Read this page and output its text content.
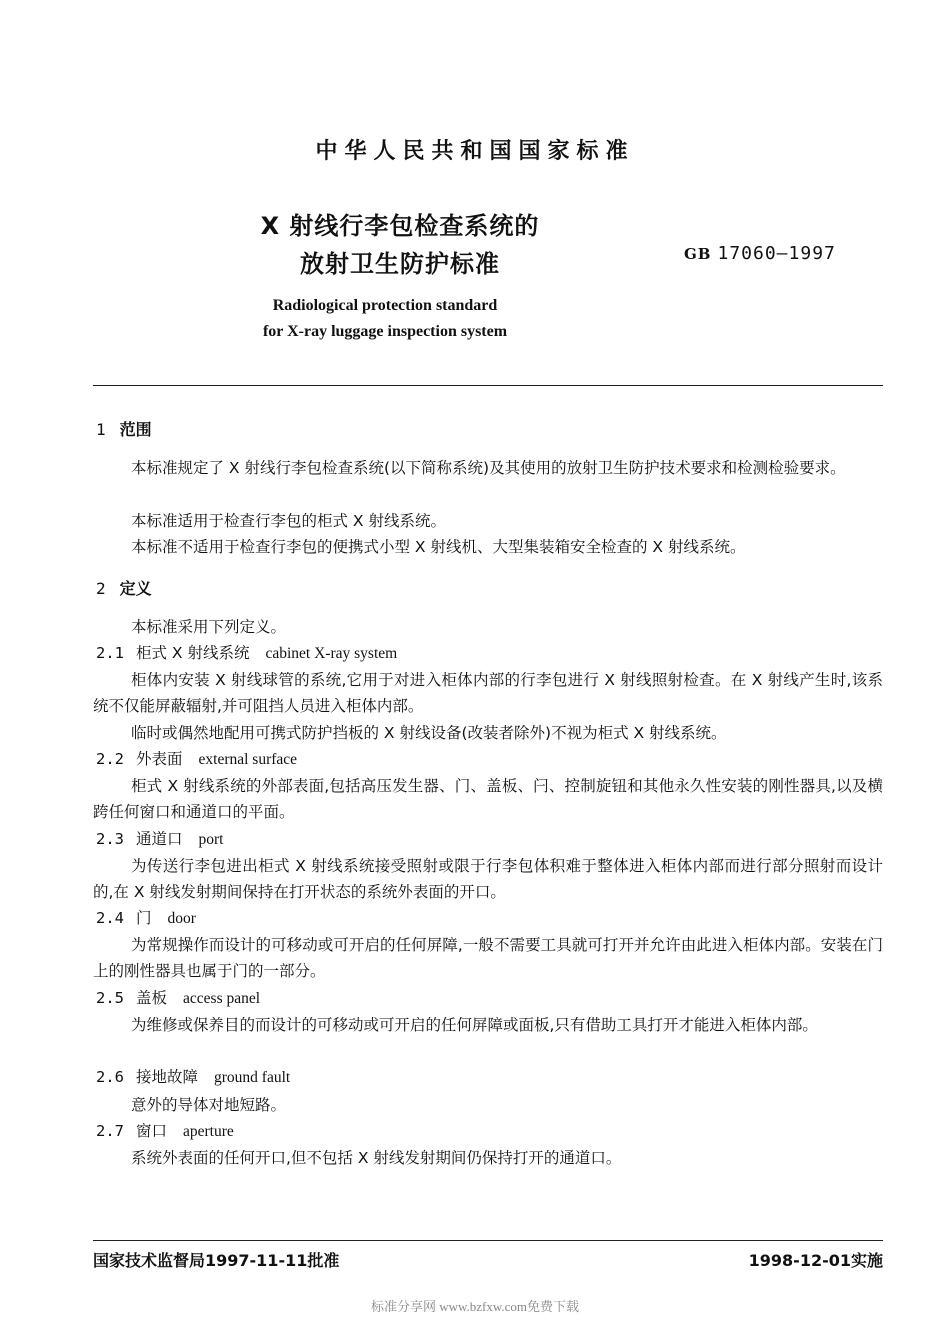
中华人民共和国国家标准
X 射线行李包检查系统的
放射卫生防护标准	GB 17060—1997
Radiological protection standard
for X-ray luggage inspection system
1 范围
本标准规定了 X 射线行李包检查系统(以下简称系统)及其使用的放射卫生防护技术要求和检测检验要求。
本标准适用于检查行李包的柜式 X 射线系统。
本标准不适用于检查行李包的便携式小型 X 射线机、大型集装箱安全检查的 X 射线系统。
2 定义
本标准采用下列定义。
2.1 柜式 X 射线系统 cabinet X-ray system
柜体内安装 X 射线球管的系统,它用于对进入柜体内部的行李包进行 X 射线照射检查。在 X 射线产生时,该系统不仅能屏蔽辐射,并可阻挡人员进入柜体内部。
临时或偶然地配用可携式防护挡板的 X 射线设备(改装者除外)不视为柜式 X 射线系统。
2.2 外表面 external surface
柜式 X 射线系统的外部表面,包括高压发生器、门、盖板、闩、控制旋钮和其他永久性安装的刚性器具,以及横跨任何窗口和通道口的平面。
2.3 通道口 port
为传送行李包进出柜式 X 射线系统接受照射或限于行李包体积难于整体进入柜体内部而进行部分照射而设计的,在 X 射线发射期间保持在打开状态的系统外表面的开口。
2.4 门 door
为常规操作而设计的可移动或可开启的任何屏障,一般不需要工具就可打开并允许由此进入柜体内部。安装在门上的刚性器具也属于门的一部分。
2.5 盖板 access panel
为维修或保养目的而设计的可移动或可开启的任何屏障或面板,只有借助工具打开才能进入柜体内部。
2.6 接地故障 ground fault
意外的导体对地短路。
2.7 窗口 aperture
系统外表面的任何开口,但不包括 X 射线发射期间仍保持打开的通道口。
国家技术监督局1997-11-11批准	1998-12-01实施
标准分享网 www.bzfxw.com免费下载
